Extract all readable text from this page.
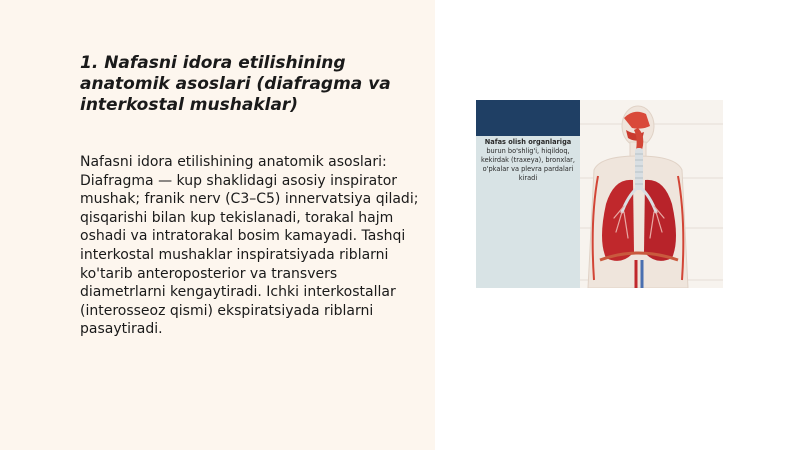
1. Nafasni idora etilishining anatomik asoslari (diafragma va interkostal mushaklar)

Nafasni idora etilishining anatomik asoslari: Diafragma — kup shaklidagi asosiy inspirator mushak; franik nerv (C3–C5) innervatsiya qiladi; qisqarishi bilan kup tekislanadi, torakal hajm oshadi va intratorakal bosim kamayadi. Tashqi interkostal mushaklar inspiratsiyada riblarni ko'tarib anteroposterior va transvers diametrlarni kengaytiradi. Ichki interkostallar (interosseoz qismi) ekspiratsiyada riblarni pasaytiradi.

Nafas olish organlariga burun bo'shlig'i, hiqildoq, kekirdak (traxeya), bronxlar, o'pkalar va plevra pardalari kiradi
